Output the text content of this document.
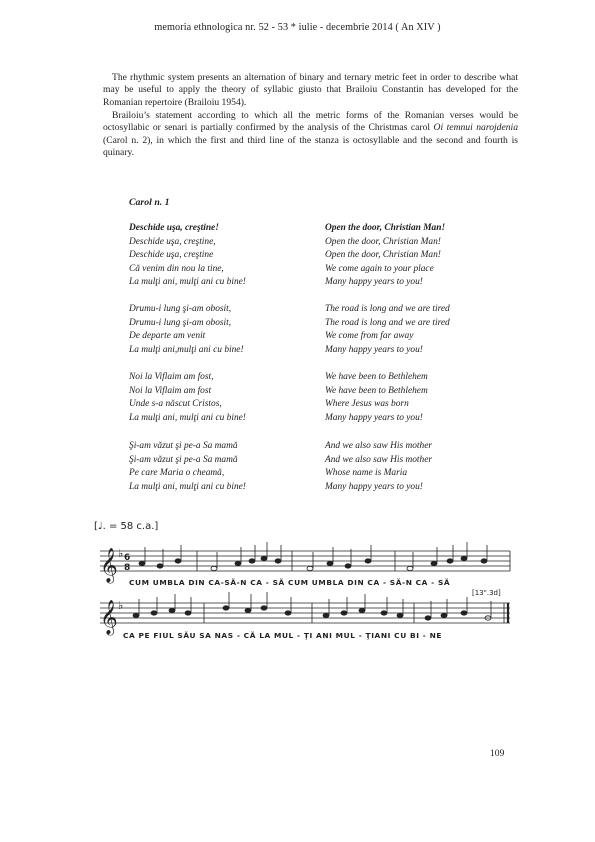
memoria ethnologica nr. 52 - 53 * iulie - decembrie 2014 ( An XIV )

The rhythmic system presents an alternation of binary and ternary metric feet in order to describe what may be useful to apply the theory of syllabic giusto that Brailoiu Constantin has developed for the Romanian repertoire (Brailoiu 1954).

Brailoiu’s statement according to which all the metric forms of the Romanian verses would be octosyllabic or senari is partially confirmed by the analysis of the Christmas carol Oi temnui narojdenia (Carol n. 2), in which the first and third line of the stanza is octosyllable and the second and fourth is quinary.

Carol n. 1
Deschide uşa, creştine!
Deschide uşa, creştine,
Deschide uşa, creştine
Că venim din nou la tine,
La mulţi ani, mulţi ani cu bine!
Drumu-i lung şi-am obosit,
Drumu-i lung şi-am obosit,
De departe am venit
La mulţi ani,mulţi ani cu bine!
Noi la Viflaim am fost,
Noi la Viflaim am fost
Unde s-a născut Cristos,
La mulţi ani, mulţi ani cu bine!
Şi-am văzut şi pe-a Sa mamă
Şi-am văzut şi pe-a Sa mamă
Pe care Maria o cheamă,
La mulţi ani, mulţi ani cu bine!
Open the door, Christian Man!
Open the door, Christian Man!
Open the door, Christian Man!
We come again to your place
Many happy years to you!
The road is long and we are tired
The road is long and we are tired
We come from far away
Many happy years to you!
We have been to Bethlehem
We have been to Bethlehem
Where Jesus was born
Many happy years to you!
And we also saw His mother
And we also saw His mother
Whose name is Maria
Many happy years to you!
𝄞
𝄞
♭
♭
6
8
[♩. = 58 c.a.]
[13".3d]
CUM UMBLA DIN CA-SĂ-N CA - SĂ CUM UMBLA DIN CA - SĂ-N CA - SĂ
CA PE FIUL SĂU SA NAS - CĂ LA MUL - ŢI ANI MUL - ŢIANI CU BI - NE
109
